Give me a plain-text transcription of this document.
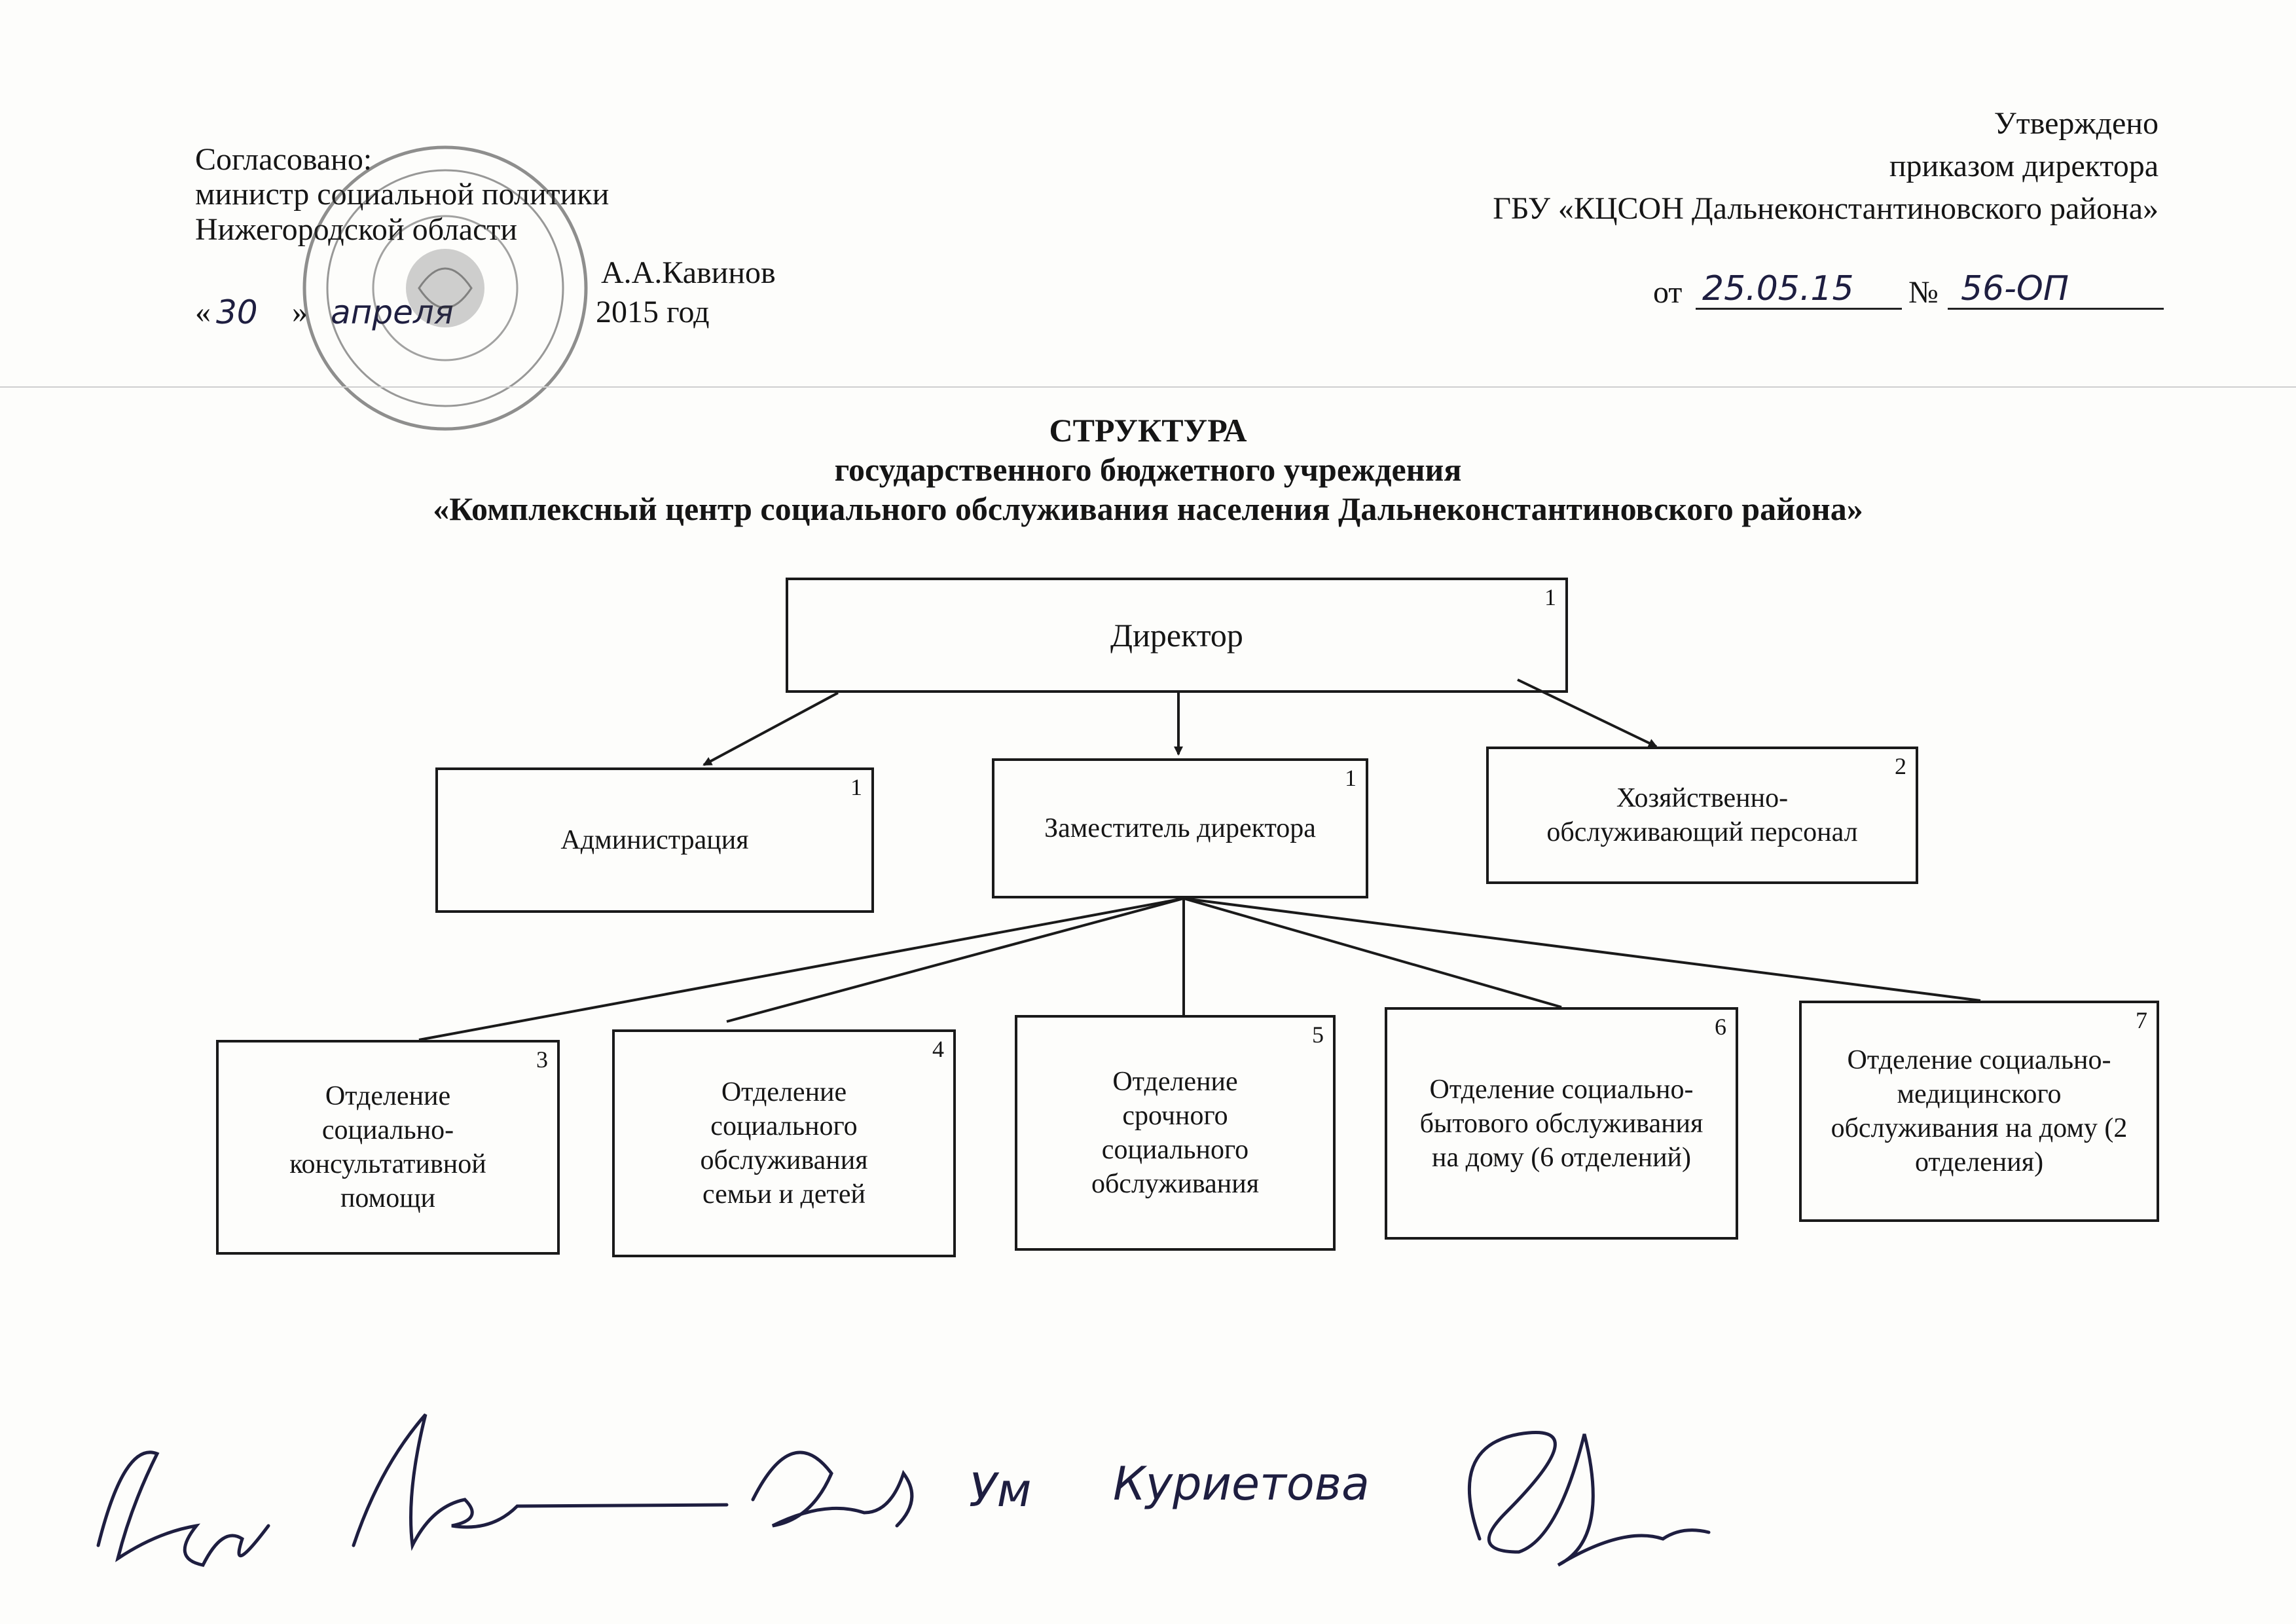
Согласовано:
министр социальной политики
Нижегородской области
А.А.Кавинов
« 30 » апреля	2015 год
Утверждено
приказом директора
ГБУ «КЦСОН Дальнеконстантиновского района»
от 25.05.15 № 56-ОП
СТРУКТУРА
государственного бюджетного учреждения
«Комплексный центр социального обслуживания населения Дальнеконстантиновского района»
1
Директор
1
Администрация
1
Заместитель директора
2
Хозяйственно-обслуживающий персонал
3
Отделение социально-консультативной помощи
4
Отделение социального обслуживания семьи и детей
5
Отделение срочного социального обслуживания
6
Отделение социально-бытового обслуживания на дому (6 отделений)
7
Отделение социально-медицинского обслуживания на дому (2 отделения)
Ум Куриетова
